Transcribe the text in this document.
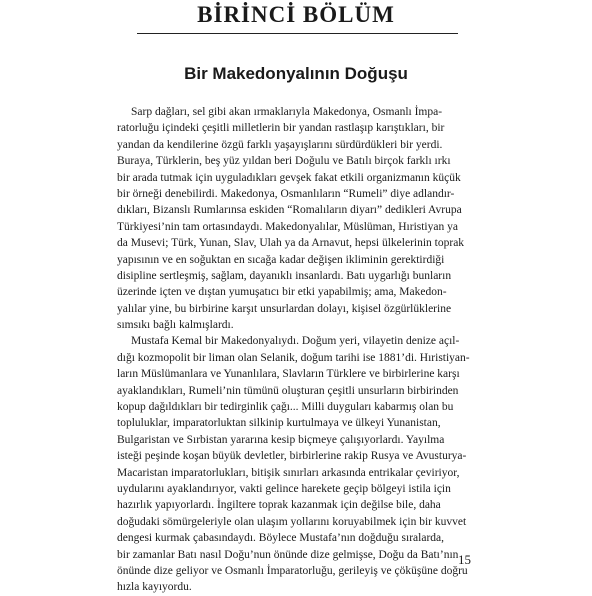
BİRİNCİ BÖLÜM
Bir Makedonyalının Doğuşu
Sarp dağları, sel gibi akan ırmaklarıyla Makedonya, Osmanlı İmpa-
ratorluğu içindeki çeşitli milletlerin bir yandan rastlaşıp karıştıkları, bir
yandan da kendilerine özgü farklı yaşayışlarını sürdürdükleri bir yerdi.
Buraya, Türklerin, beş yüz yıldan beri Doğulu ve Batılı birçok farklı ırkı
bir arada tutmak için uyguladıkları gevşek fakat etkili organizmanın küçük
bir örneği denebilirdi. Makedonya, Osmanlıların “Rumeli” diye adlandır-
dıkları, Bizanslı Rumlarınsa eskiden “Romalıların diyarı” dedikleri Avrupa
Türkiyesi’nin tam ortasındaydı. Makedonyalılar, Müslüman, Hıristiyan ya
da Musevi; Türk, Yunan, Slav, Ulah ya da Arnavut, hepsi ülkelerinin toprak
yapısının ve en soğuktan en sıcağa kadar değişen ikliminin gerektirdiği
disipline sertleşmiş, sağlam, dayanıklı insanlardı. Batı uygarlığı bunların
üzerinde içten ve dıştan yumuşatıcı bir etki yapabilmiş; ama, Makedon-
yalılar yine, bu birbirine karşıt unsurlardan dolayı, kişisel özgürlüklerine
sımsıkı bağlı kalmışlardı.
Mustafa Kemal bir Makedonyalıydı. Doğum yeri, vilayetin denize açıl-
dığı kozmopolit bir liman olan Selanik, doğum tarihi ise 1881’di. Hıristiyan-
ların Müslümanlara ve Yunanlılara, Slavların Türklere ve birbirlerine karşı
ayaklandıkları, Rumeli’nin tümünü oluşturan çeşitli unsurların birbirinden
kopup dağıldıkları bir tedirginlik çağı... Milli duyguları kabarmış olan bu
topluluklar, imparatorluktan silkinip kurtulmaya ve ülkeyi Yunanistan,
Bulgaristan ve Sırbistan yararına kesip biçmeye çalışıyorlardı. Yayılma
isteği peşinde koşan büyük devletler, birbirlerine rakip Rusya ve Avusturya-
Macaristan imparatorlukları, bitişik sınırları arkasında entrikalar çeviriyor,
uydularını ayaklandırıyor, vakti gelince harekete geçip bölgeyi istila için
hazırlık yapıyorlardı. İngiltere toprak kazanmak için değilse bile, daha
doğudaki sömürgeleriyle olan ulaşım yollarını koruyabilmek için bir kuvvet
dengesi kurmak çabasındaydı. Böylece Mustafa’nın doğduğu sıralarda,
bir zamanlar Batı nasıl Doğu’nun önünde dize gelmişse, Doğu da Batı’nın
önünde dize geliyor ve Osmanlı İmparatorluğu, gerileyiş ve çöküşüne doğru
hızla kayıyordu.
15
